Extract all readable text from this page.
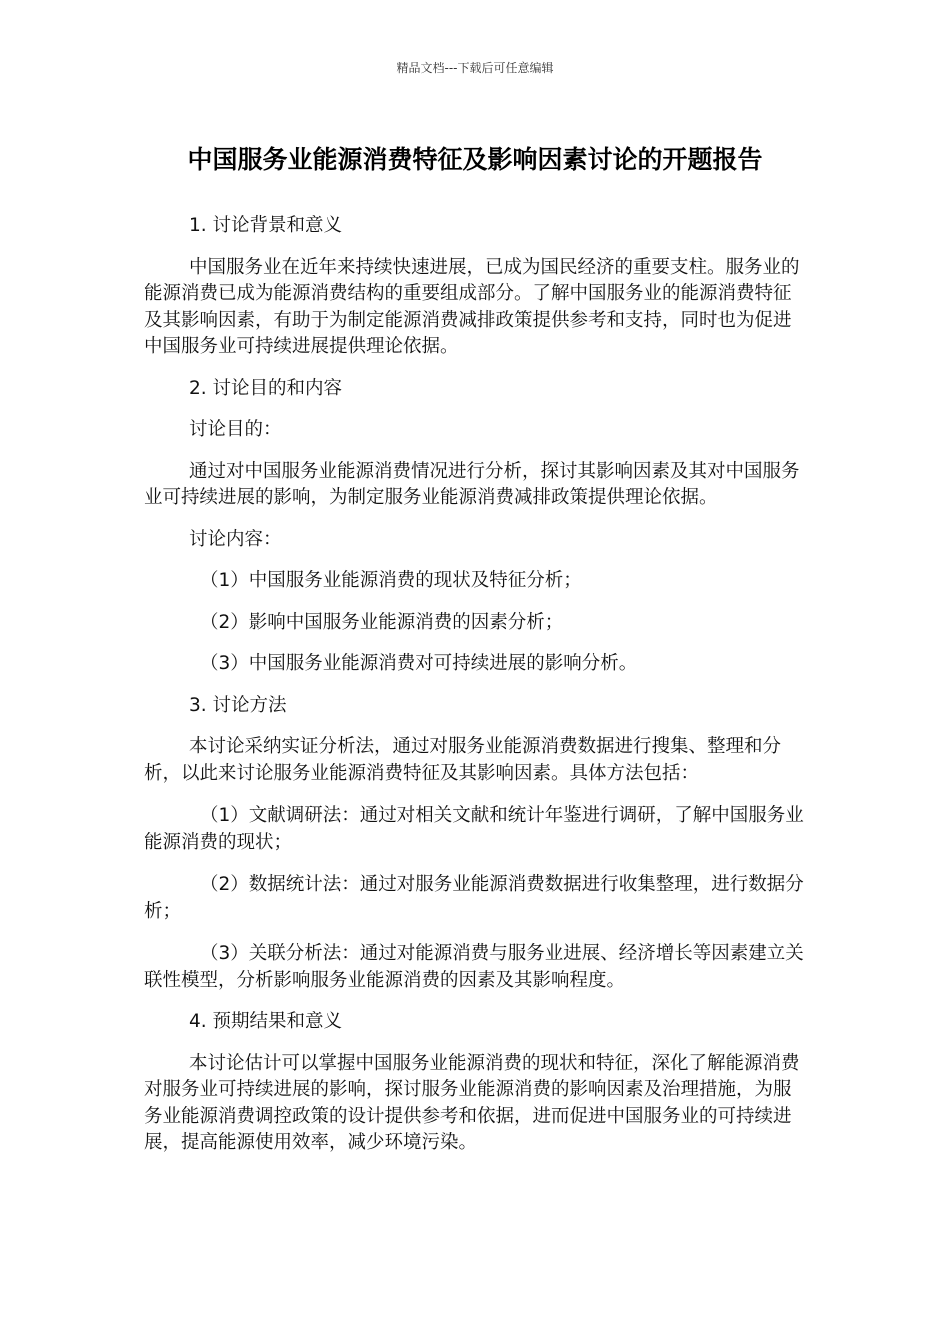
精品文档---下载后可任意编辑
中国服务业能源消费特征及影响因素讨论的开题报告

1. 讨论背景和意义

中国服务业在近年来持续快速进展，已成为国民经济的重要支柱。服务业的能源消费已成为能源消费结构的重要组成部分。了解中国服务业的能源消费特征及其影响因素，有助于为制定能源消费减排政策提供参考和支持，同时也为促进中国服务业可持续进展提供理论依据。

2. 讨论目的和内容

讨论目的：

通过对中国服务业能源消费情况进行分析，探讨其影响因素及其对中国服务业可持续进展的影响，为制定服务业能源消费减排政策提供理论依据。

讨论内容：

（1）中国服务业能源消费的现状及特征分析；

（2）影响中国服务业能源消费的因素分析；

（3）中国服务业能源消费对可持续进展的影响分析。

3. 讨论方法

本讨论采纳实证分析法，通过对服务业能源消费数据进行搜集、整理和分析，以此来讨论服务业能源消费特征及其影响因素。具体方法包括：

（1）文献调研法：通过对相关文献和统计年鉴进行调研，了解中国服务业能源消费的现状；

（2）数据统计法：通过对服务业能源消费数据进行收集整理，进行数据分析；

（3）关联分析法：通过对能源消费与服务业进展、经济增长等因素建立关联性模型，分析影响服务业能源消费的因素及其影响程度。

4. 预期结果和意义

本讨论估计可以掌握中国服务业能源消费的现状和特征，深化了解能源消费对服务业可持续进展的影响，探讨服务业能源消费的影响因素及治理措施，为服务业能源消费调控政策的设计提供参考和依据，进而促进中国服务业的可持续进展，提高能源使用效率，减少环境污染。
